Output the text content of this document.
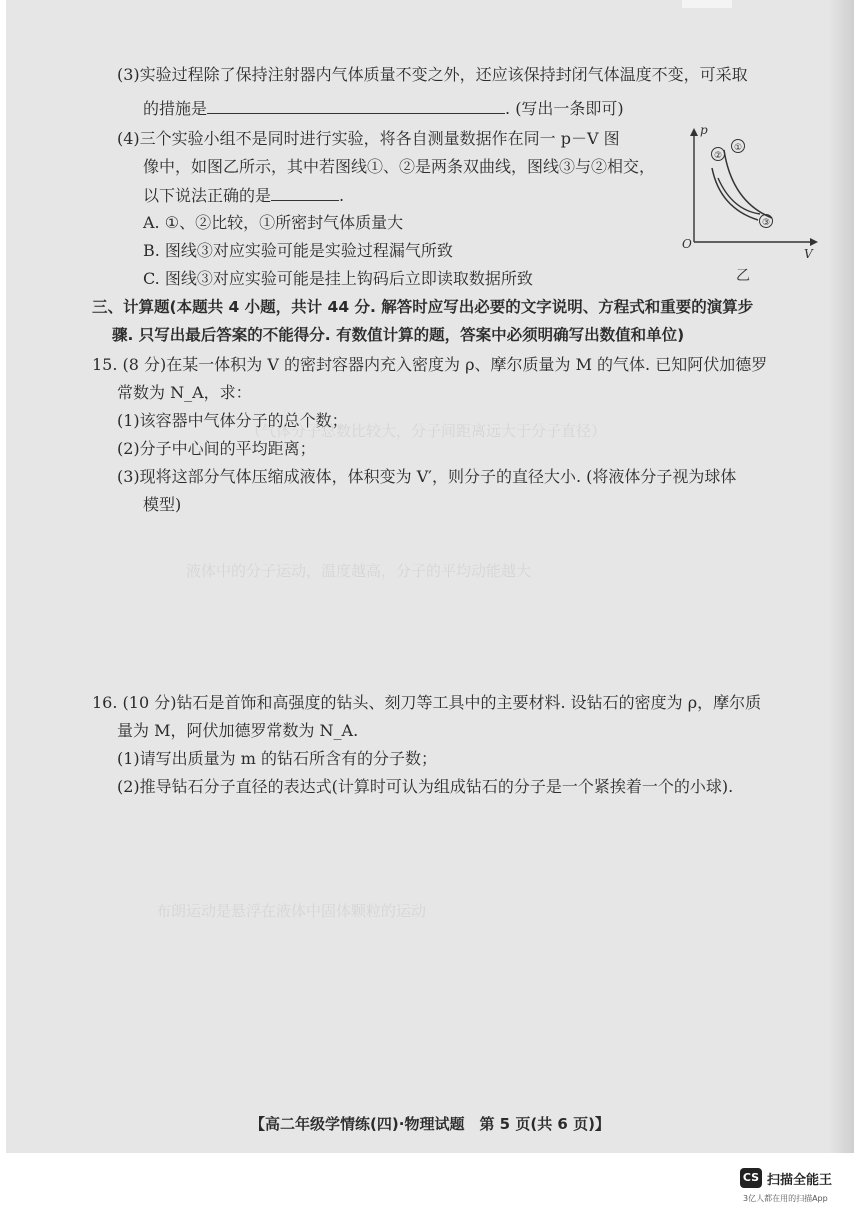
（气体分子总数比较大，分子间距离远大于分子直径）
液体中的分子运动，温度越高，分子的平均动能越大
布朗运动是悬浮在液体中固体颗粒的运动
(3)实验过程除了保持注射器内气体质量不变之外，还应该保持封闭气体温度不变，可采取
的措施是	. (写出一条即可)
(4)三个实验小组不是同时进行实验，将各自测量数据作在同一 p－V 图
像中，如图乙所示，其中若图线①、②是两条双曲线，图线③与②相交，
以下说法正确的是	.
A. ①、②比较，①所密封气体质量大
B. 图线③对应实验可能是实验过程漏气所致
C. 图线③对应实验可能是挂上钩码后立即读取数据所致
①
②
③
p
V
O
乙
三、计算题(本题共 4 小题，共计 44 分. 解答时应写出必要的文字说明、方程式和重要的演算步
骤. 只写出最后答案的不能得分. 有数值计算的题，答案中必须明确写出数值和单位)
15. (8 分)在某一体积为 V 的密封容器内充入密度为 ρ、摩尔质量为 M 的气体. 已知阿伏加德罗
常数为 N_A，求：
(1)该容器中气体分子的总个数；
(2)分子中心间的平均距离；
(3)现将这部分气体压缩成液体，体积变为 V′，则分子的直径大小. (将液体分子视为球体
模型)
16. (10 分)钻石是首饰和高强度的钻头、刻刀等工具中的主要材料. 设钻石的密度为 ρ，摩尔质
量为 M，阿伏加德罗常数为 N_A.
(1)请写出质量为 m 的钻石所含有的分子数；
(2)推导钻石分子直径的表达式(计算时可认为组成钻石的分子是一个紧挨着一个的小球).
【高二年级学情练(四)·物理试题　第 5 页(共 6 页)】
CS 扫描全能王
3亿人都在用的扫描App
